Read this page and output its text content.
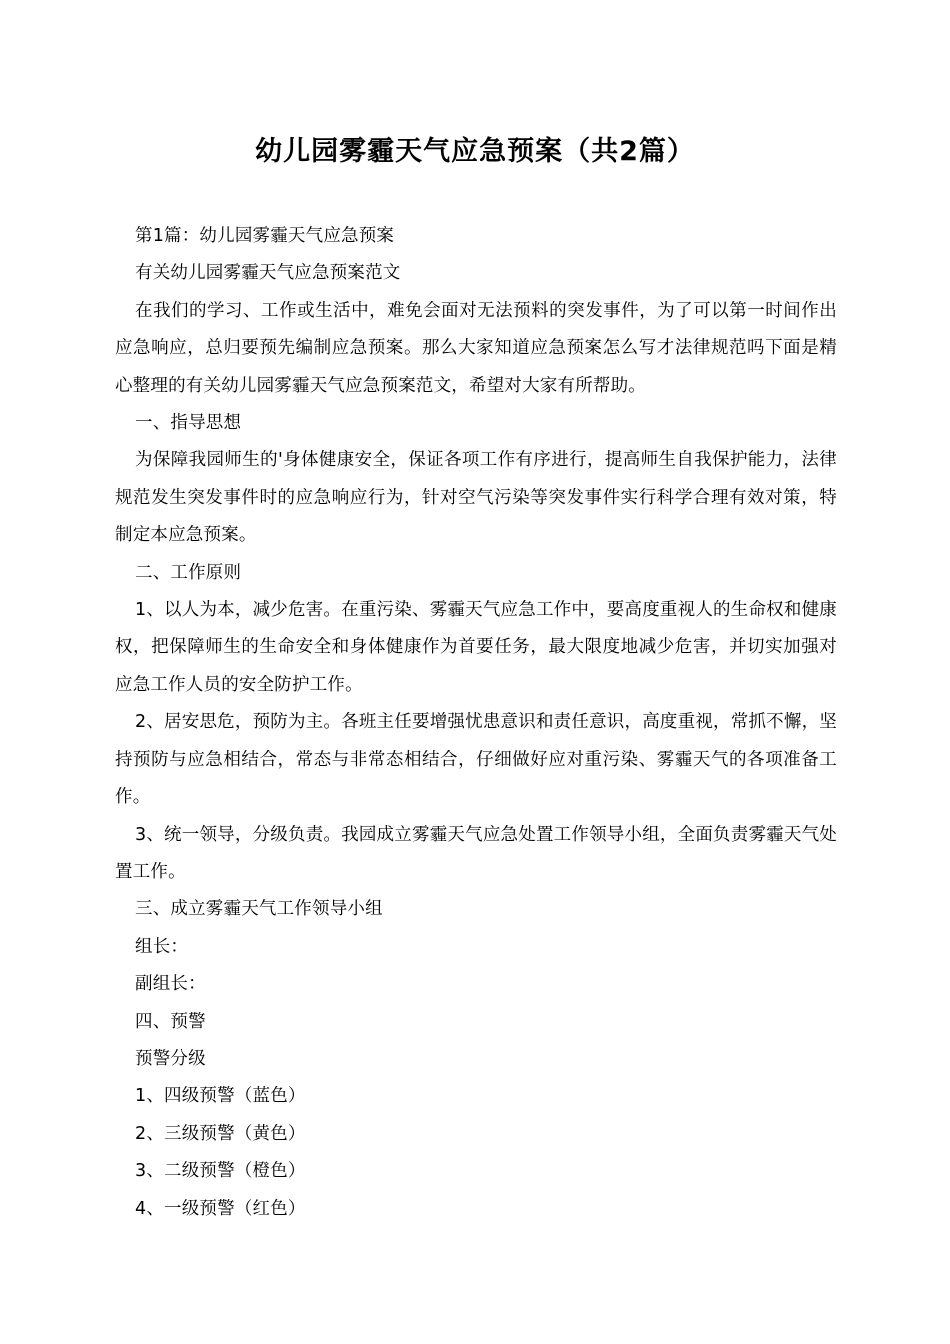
幼儿园雾霾天气应急预案（共2篇）

第1篇：幼儿园雾霾天气应急预案

有关幼儿园雾霾天气应急预案范文

在我们的学习、工作或生活中，难免会面对无法预料的突发事件，为了可以第一时间作出应急响应，总归要预先编制应急预案。那么大家知道应急预案怎么写才法律规范吗下面是精心整理的有关幼儿园雾霾天气应急预案范文，希望对大家有所帮助。

一、指导思想

为保障我园师生的'身体健康安全，保证各项工作有序进行，提高师生自我保护能力，法律规范发生突发事件时的应急响应行为，针对空气污染等突发事件实行科学合理有效对策，特制定本应急预案。

二、工作原则

1、以人为本，减少危害。在重污染、雾霾天气应急工作中，要高度重视人的生命权和健康权，把保障师生的生命安全和身体健康作为首要任务，最大限度地减少危害，并切实加强对应急工作人员的安全防护工作。

2、居安思危，预防为主。各班主任要增强忧患意识和责任意识，高度重视，常抓不懈，坚持预防与应急相结合，常态与非常态相结合，仔细做好应对重污染、雾霾天气的各项准备工作。

3、统一领导，分级负责。我园成立雾霾天气应急处置工作领导小组，全面负责雾霾天气处置工作。

三、成立雾霾天气工作领导小组

组长：

副组长：

四、预警

预警分级

1、四级预警（蓝色）

2、三级预警（黄色）

3、二级预警（橙色）

4、一级预警（红色）
